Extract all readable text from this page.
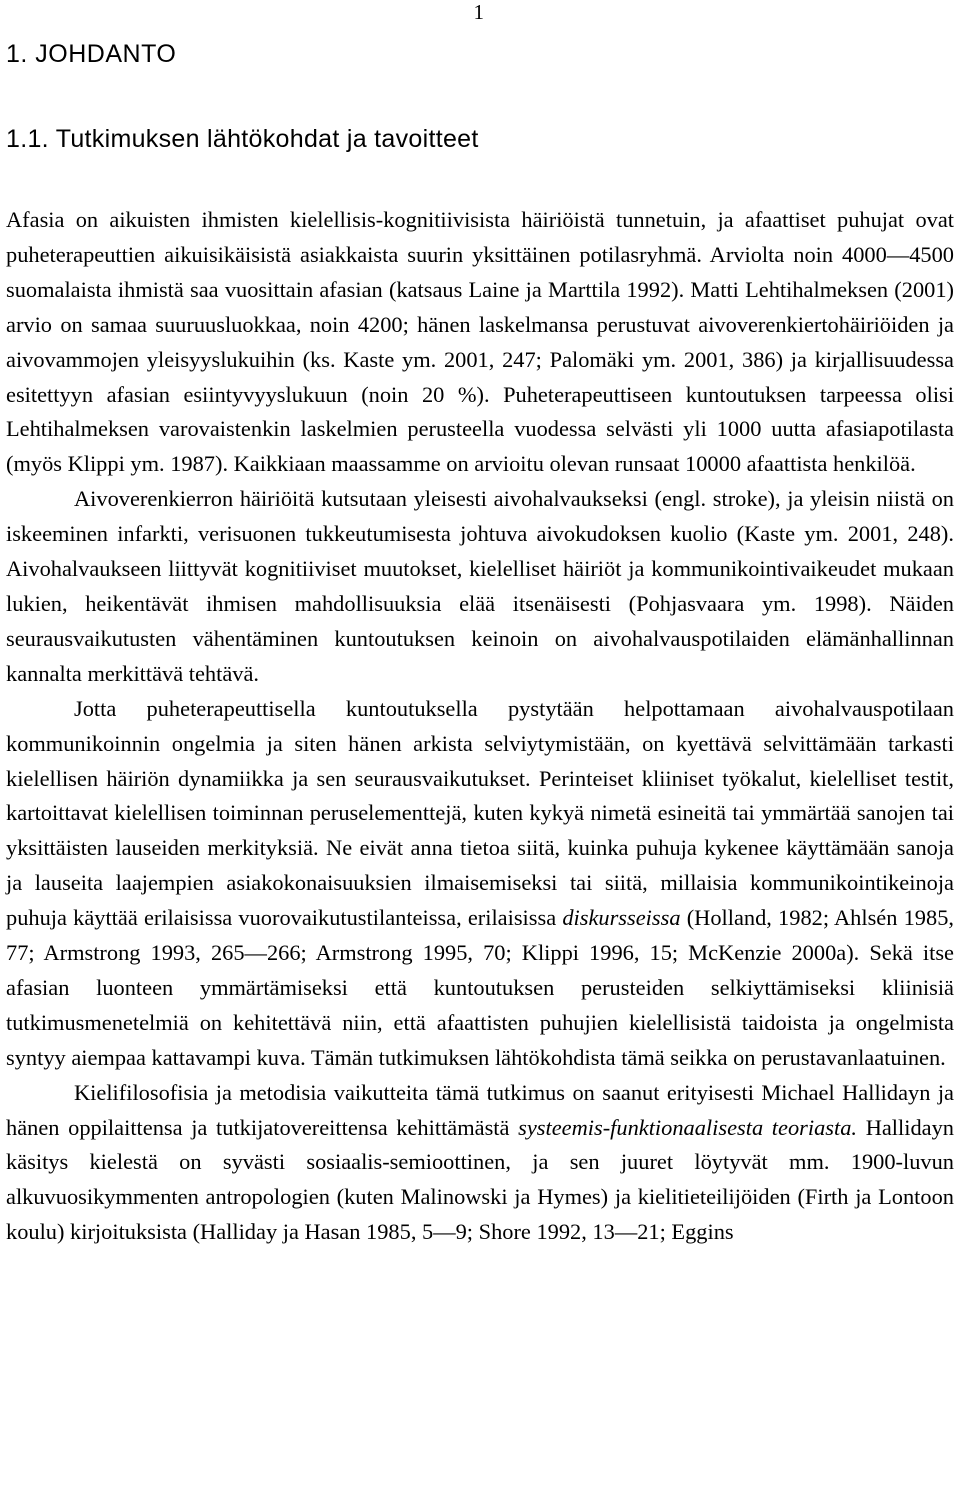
1
1. JOHDANTO
1.1. Tutkimuksen lähtökohdat ja tavoitteet

Afasia on aikuisten ihmisten kielellisis-kognitiivisista häiriöistä tunnetuin, ja afaattiset puhujat ovat puheterapeuttien aikuisikäisistä asiakkaista suurin yksittäinen potilasryhmä. Arviolta noin 4000—4500 suomalaista ihmistä saa vuosittain afasian (katsaus Laine ja Marttila 1992). Matti Lehtihalmeksen (2001) arvio on samaa suuruusluokkaa, noin 4200; hänen laskelmansa perustuvat aivoverenkiertohäiriöiden ja aivovammojen yleisyyslukuihin (ks. Kaste ym. 2001, 247; Palomäki ym. 2001, 386) ja kirjallisuudessa esitettyyn afasian esiintyvyyslukuun (noin 20 %). Puheterapeuttiseen kuntoutuksen tarpeessa olisi Lehtihalmeksen varovaistenkin laskelmien perusteella vuodessa selvästi yli 1000 uutta afasiapotilasta (myös Klippi ym. 1987). Kaikkiaan maassamme on arvioitu olevan runsaat 10000 afaattista henkilöä.

Aivoverenkierron häiriöitä kutsutaan yleisesti aivohalvaukseksi (engl. stroke), ja yleisin niistä on iskeeminen infarkti, verisuonen tukkeutumisesta johtuva aivokudoksen kuolio (Kaste ym. 2001, 248). Aivohalvaukseen liittyvät kognitiiviset muutokset, kielelliset häiriöt ja kommunikointivaikeudet mukaan lukien, heikentävät ihmisen mahdollisuuksia elää itsenäisesti (Pohjasvaara ym. 1998). Näiden seurausvaikutusten vähentäminen kuntoutuksen keinoin on aivohalvauspotilaiden elämänhallinnan kannalta merkittävä tehtävä.

Jotta puheterapeuttisella kuntoutuksella pystytään helpottamaan aivohalvauspotilaan kommunikoinnin ongelmia ja siten hänen arkista selviytymistään, on kyettävä selvittämään tarkasti kielellisen häiriön dynamiikka ja sen seurausvaikutukset. Perinteiset kliiniset työkalut, kielelliset testit, kartoittavat kielellisen toiminnan peruselementtejä, kuten kykyä nimetä esineitä tai ymmärtää sanojen tai yksittäisten lauseiden merkityksiä. Ne eivät anna tietoa siitä, kuinka puhuja kykenee käyttämään sanoja ja lauseita laajempien asiakokonaisuuksien ilmaisemiseksi tai siitä, millaisia kommunikointikeinoja puhuja käyttää erilaisissa vuorovaikutustilanteissa, erilaisissa diskursseissa (Holland, 1982; Ahlsén 1985, 77; Armstrong 1993, 265—266; Armstrong 1995, 70; Klippi 1996, 15; McKenzie 2000a). Sekä itse afasian luonteen ymmärtämiseksi että kuntoutuksen perusteiden selkiyttämiseksi kliinisiä tutkimusmenetelmiä on kehitettävä niin, että afaattisten puhujien kielellisistä taidoista ja ongelmista syntyy aiempaa kattavampi kuva. Tämän tutkimuksen lähtökohdista tämä seikka on perustavanlaatuinen.

Kielifilosofisia ja metodisia vaikutteita tämä tutkimus on saanut erityisesti Michael Hallidayn ja hänen oppilaittensa ja tutkijatovereittensa kehittämästä systeemis-funktionaalisesta teoriasta. Hallidayn käsitys kielestä on syvästi sosiaalis-semioottinen, ja sen juuret löytyvät mm. 1900-luvun alkuvuosikymmenten antropologien (kuten Malinowski ja Hymes) ja kielitieteilijöiden (Firth ja Lontoon koulu) kirjoituksista (Halliday ja Hasan 1985, 5—9; Shore 1992, 13—21; Eggins
